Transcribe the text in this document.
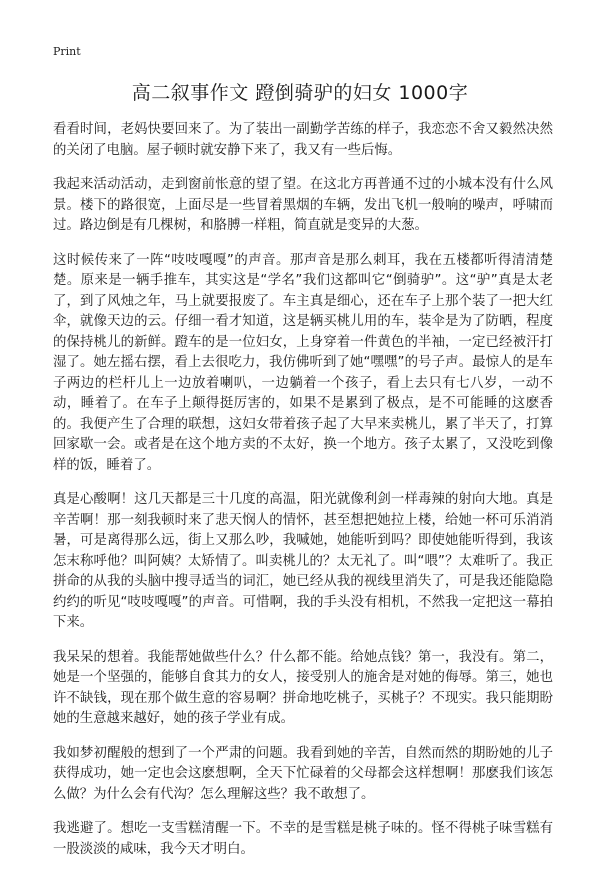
Print
高二叙事作文 蹬倒骑驴的妇女 1000字

看看时间，老妈快要回来了。为了装出一副勤学苦练的样子，我恋恋不舍又毅然决然的关闭了电脑。屋子顿时就安静下来了，我又有一些后悔。

我起来活动活动，走到窗前怅意的望了望。在这北方再普通不过的小城本没有什么风景。楼下的路很宽，上面尽是一些冒着黑烟的车辆，发出飞机一般响的噪声，呼啸而过。路边倒是有几棵树，和胳膊一样粗，简直就是变异的大葱。

这时候传来了一阵“吱吱嘎嘎”的声音。那声音是那么刺耳，我在五楼都听得清清楚楚。原来是一辆手推车，其实这是“学名”我们这都叫它“倒骑驴”。这“驴”真是太老了，到了风烛之年，马上就要报废了。车主真是细心，还在车子上那个装了一把大红伞，就像天边的云。仔细一看才知道，这是辆买桃儿用的车，装伞是为了防晒，程度的保持桃儿的新鲜。蹬车的是一位妇女，上身穿着一件黄色的半袖，一定已经被汗打湿了。她左摇右摆，看上去很吃力，我仿佛听到了她“嘿嘿”的号子声。最惊人的是车子两边的栏杆儿上一边放着喇叭，一边躺着一个孩子，看上去只有七八岁，一动不动，睡着了。在车子上颠得挺厉害的，如果不是累到了极点，是不可能睡的这麽香的。我便产生了合理的联想，这妇女带着孩子起了大早来卖桃儿，累了半天了，打算回家歇一会。或者是在这个地方卖的不太好，换一个地方。孩子太累了，又没吃到像样的饭，睡着了。

真是心酸啊！这几天都是三十几度的高温，阳光就像利剑一样毒辣的射向大地。真是辛苦啊！那一刻我顿时来了悲天悯人的情怀，甚至想把她拉上楼，给她一杯可乐消消暑，可是离得那么远，街上又那么吵，我喊她，她能听到吗？即使她能听得到，我该怎末称呼他？叫阿姨？太矫情了。叫卖桃儿的？太无礼了。叫“喂”？太难听了。我正拼命的从我的头脑中搜寻适当的词汇，她已经从我的视线里消失了，可是我还能隐隐约约的听见“吱吱嘎嘎”的声音。可惜啊，我的手头没有相机，不然我一定把这一幕拍下来。

我呆呆的想着。我能帮她做些什么？什么都不能。给她点钱？第一，我没有。第二，她是一个坚强的，能够自食其力的女人，接受别人的施舍是对她的侮辱。第三，她也许不缺钱，现在那个做生意的容易啊？拼命地吃桃子，买桃子？不现实。我只能期盼她的生意越来越好，她的孩子学业有成。

我如梦初醒般的想到了一个严肃的问题。我看到她的辛苦，自然而然的期盼她的儿子获得成功，她一定也会这麽想啊，全天下忙碌着的父母都会这样想啊！那麽我们该怎么做？为什么会有代沟？怎么理解这些？我不敢想了。

我逃避了。想吃一支雪糕清醒一下。不幸的是雪糕是桃子味的。怪不得桃子味雪糕有一股淡淡的咸味，我今天才明白。
